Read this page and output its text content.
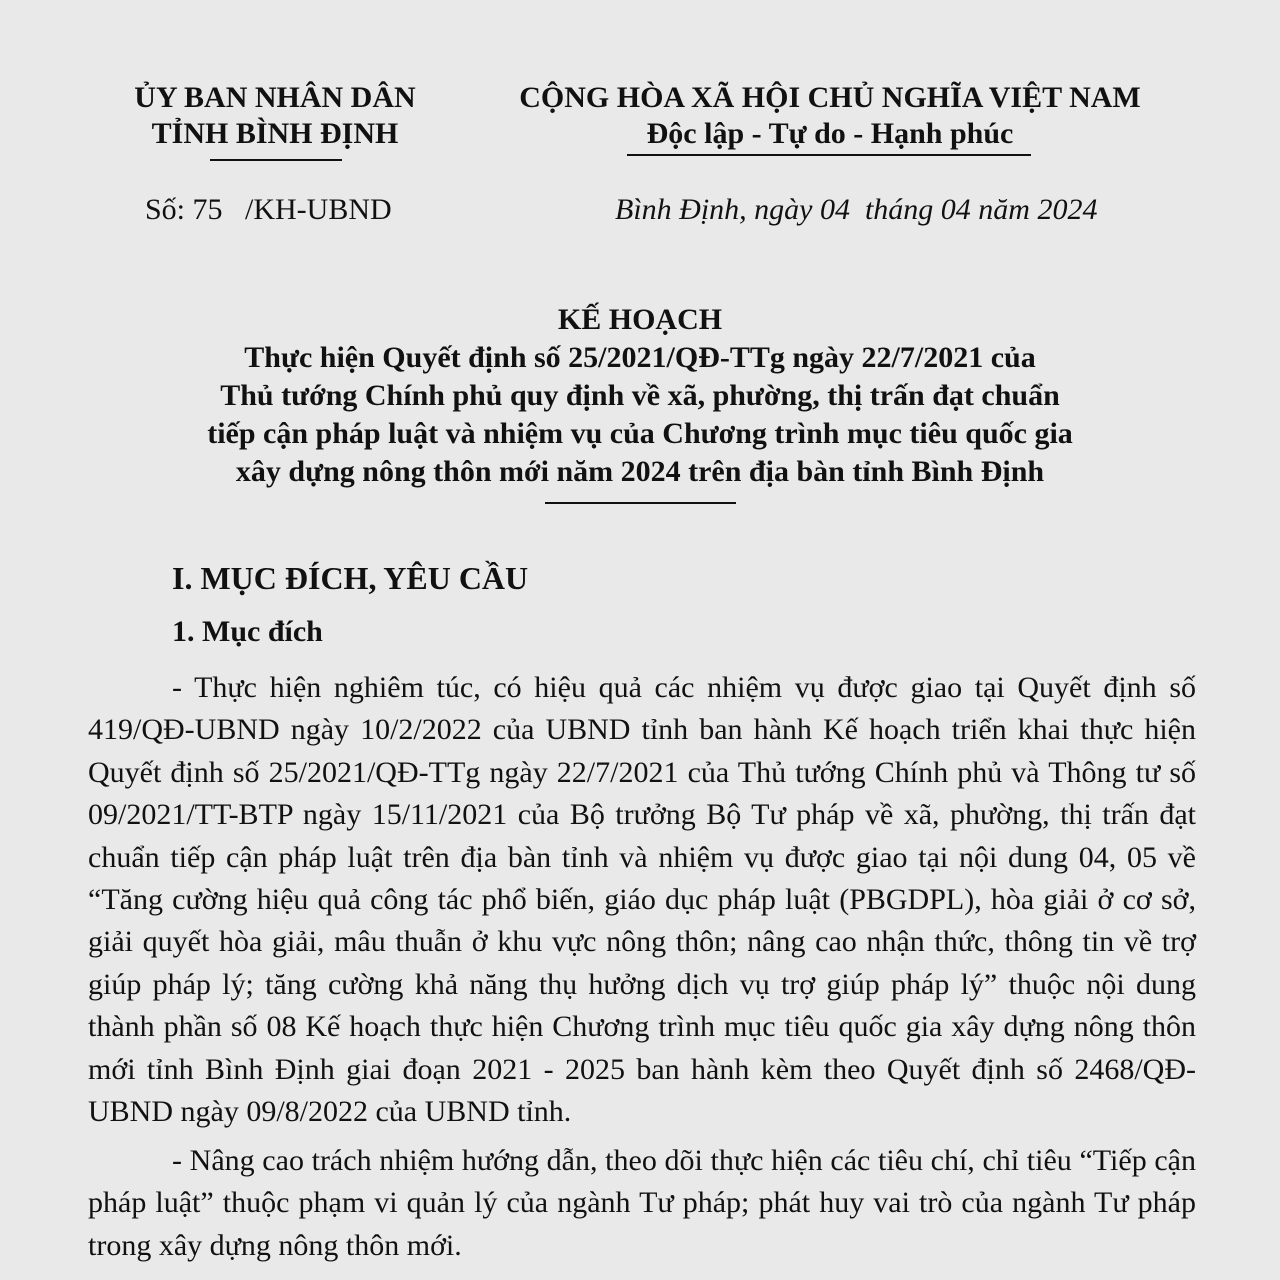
ỦY BAN NHÂN DÂN
TỈNH BÌNH ĐỊNH
CỘNG HÒA XÃ HỘI CHỦ NGHĨA VIỆT NAM
Độc lập - Tự do - Hạnh phúc
Số: 75   /KH-UBND	Bình Định, ngày 04  tháng 04 năm 2024
KẾ HOẠCH
Thực hiện Quyết định số 25/2021/QĐ-TTg ngày 22/7/2021 của
Thủ tướng Chính phủ quy định về xã, phường, thị trấn đạt chuẩn
tiếp cận pháp luật và nhiệm vụ của Chương trình mục tiêu quốc gia
xây dựng nông thôn mới năm 2024 trên địa bàn tỉnh Bình Định
I. MỤC ĐÍCH, YÊU CẦU
1. Mục đích
- Thực hiện nghiêm túc, có hiệu quả các nhiệm vụ được giao tại Quyết định số 419/QĐ-UBND ngày 10/2/2022 của UBND tỉnh ban hành Kế hoạch triển khai thực hiện Quyết định số 25/2021/QĐ-TTg ngày 22/7/2021 của Thủ tướng Chính phủ và Thông tư số 09/2021/TT-BTP ngày 15/11/2021 của Bộ trưởng Bộ Tư pháp về xã, phường, thị trấn đạt chuẩn tiếp cận pháp luật trên địa bàn tỉnh và nhiệm vụ được giao tại nội dung 04, 05 về “Tăng cường hiệu quả công tác phổ biến, giáo dục pháp luật (PBGDPL), hòa giải ở cơ sở, giải quyết hòa giải, mâu thuẫn ở khu vực nông thôn; nâng cao nhận thức, thông tin về trợ giúp pháp lý; tăng cường khả năng thụ hưởng dịch vụ trợ giúp pháp lý” thuộc nội dung thành phần số 08 Kế hoạch thực hiện Chương trình mục tiêu quốc gia xây dựng nông thôn mới tỉnh Bình Định giai đoạn 2021 - 2025 ban hành kèm theo Quyết định số 2468/QĐ-UBND ngày 09/8/2022 của UBND tỉnh.
- Nâng cao trách nhiệm hướng dẫn, theo dõi thực hiện các tiêu chí, chỉ tiêu “Tiếp cận pháp luật” thuộc phạm vi quản lý của ngành Tư pháp; phát huy vai trò của ngành Tư pháp trong xây dựng nông thôn mới.
